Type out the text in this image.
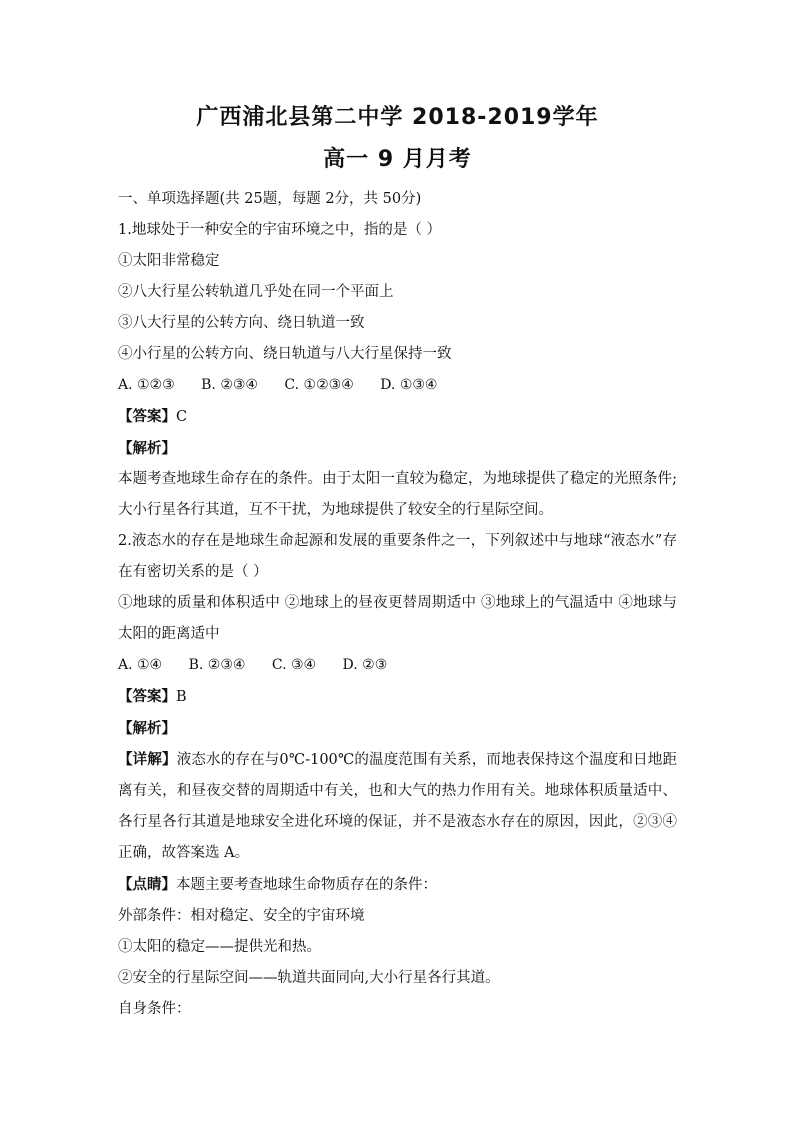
广西浦北县第二中学 2018-2019学年
高一 9 月月考

一、单项选择题(共 25题，每题 2分，共 50分)

1.地球处于一种安全的宇宙环境之中，指的是（ ）

①太阳非常稳定

②八大行星公转轨道几乎处在同一个平面上

③八大行星的公转方向、绕日轨道一致

④小行星的公转方向、绕日轨道与八大行星保持一致

A. ①②③ B. ②③④ C. ①②③④ D. ①③④

【答案】C

【解析】

本题考查地球生命存在的条件。由于太阳一直较为稳定，为地球提供了稳定的光照条件;大小行星各行其道，互不干扰，为地球提供了较安全的行星际空间。

2.液态水的存在是地球生命起源和发展的重要条件之一，下列叙述中与地球“液态水”存在有密切关系的是（ ）

①地球的质量和体积适中 ②地球上的昼夜更替周期适中 ③地球上的气温适中 ④地球与太阳的距离适中

A. ①④ B. ②③④ C. ③④ D. ②③

【答案】B

【解析】

【详解】液态水的存在与0℃-100℃的温度范围有关系，而地表保持这个温度和日地距离有关，和昼夜交替的周期适中有关，也和大气的热力作用有关。地球体积质量适中、各行星各行其道是地球安全进化环境的保证，并不是液态水存在的原因，因此，②③④正确，故答案选 A。

【点睛】本题主要考查地球生命物质存在的条件：

外部条件：相对稳定、安全的宇宙环境

①太阳的稳定——提供光和热。

②安全的行星际空间——轨道共面同向,大小行星各行其道。

自身条件：
